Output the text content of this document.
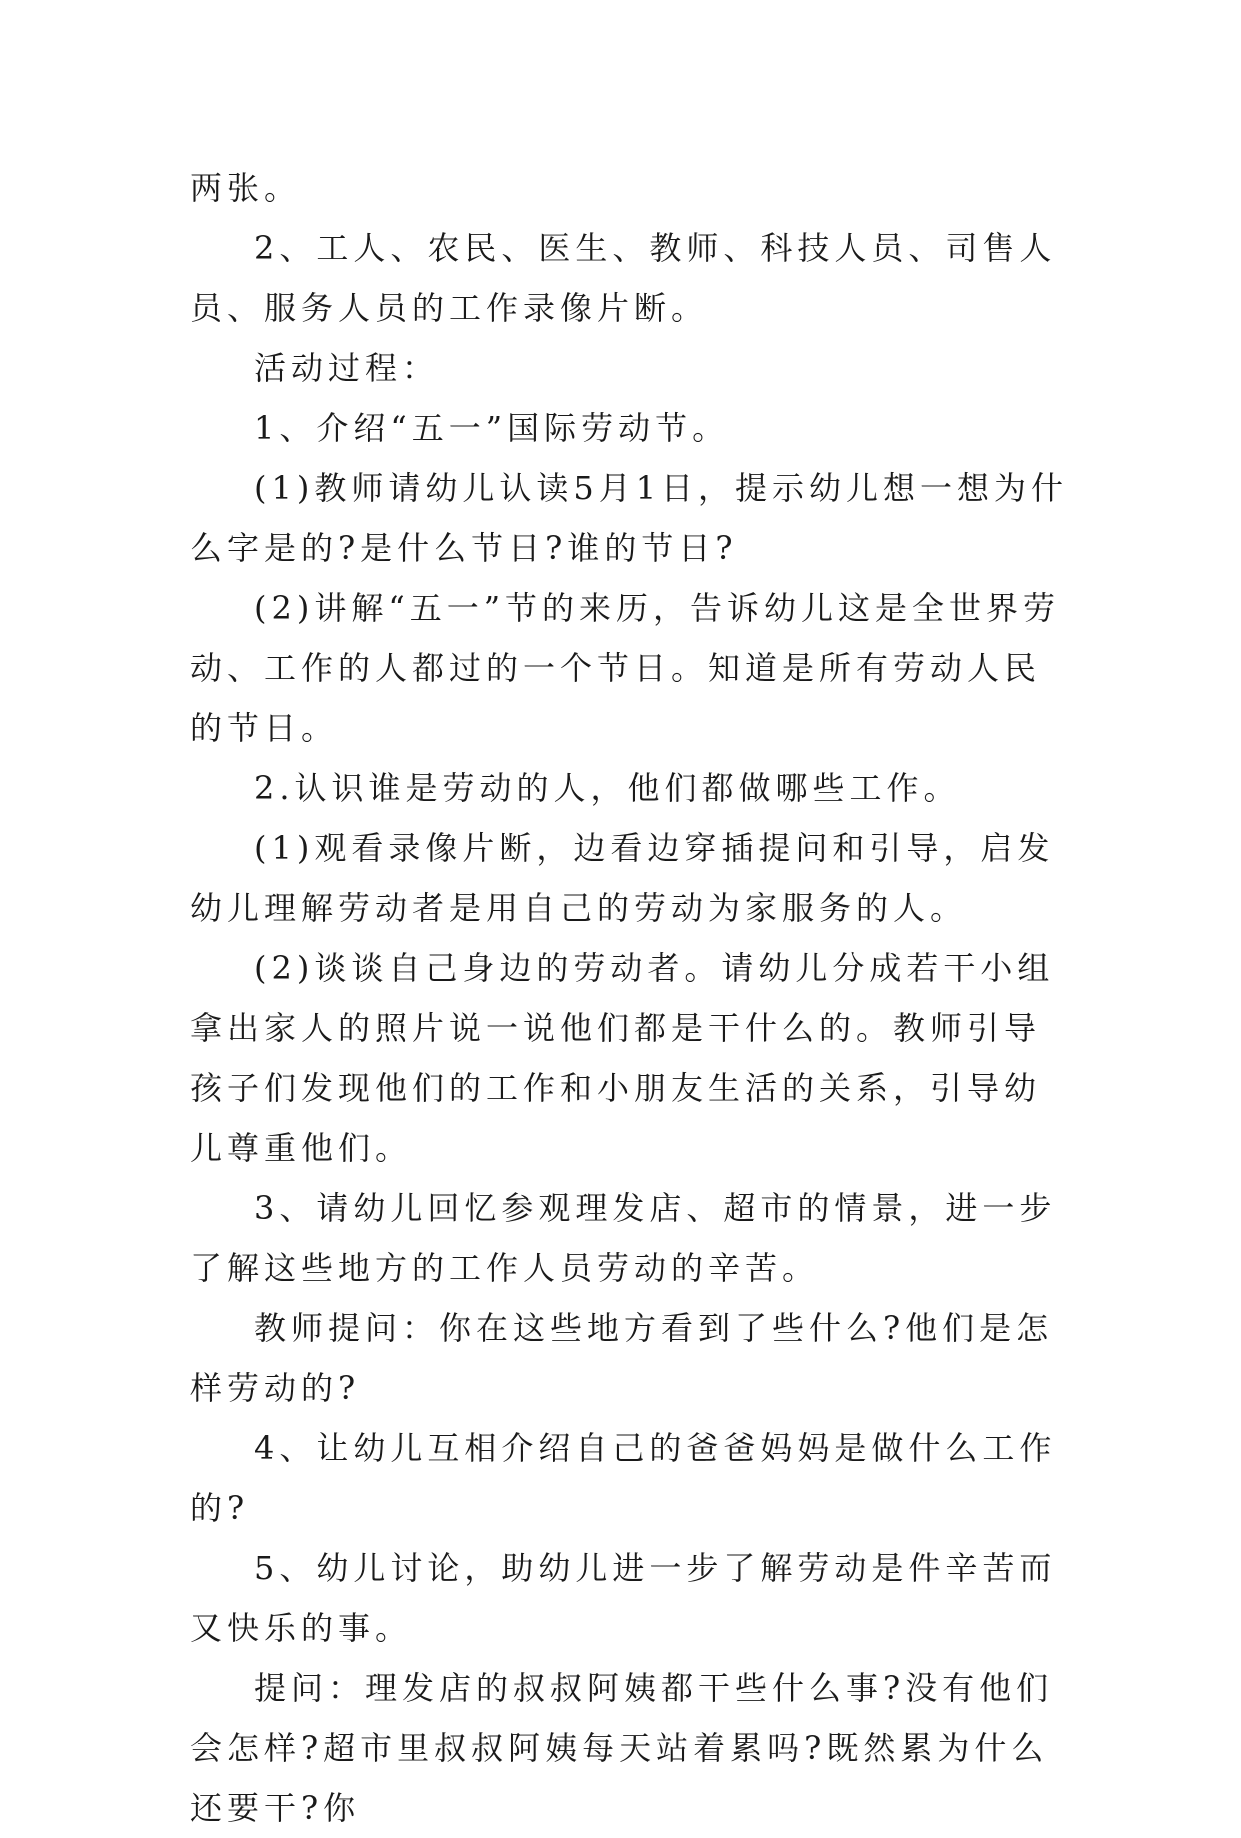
两张。

2、工人、农民、医生、教师、科技人员、司售人员、服务人员的工作录像片断。

活动过程：

1、介绍“五一”国际劳动节。

(1)教师请幼儿认读5月1日，提示幼儿想一想为什么字是的?是什么节日?谁的节日?

(2)讲解“五一”节的来历，告诉幼儿这是全世界劳动、工作的人都过的一个节日。知道是所有劳动人民的节日。

2.认识谁是劳动的人，他们都做哪些工作。

(1)观看录像片断，边看边穿插提问和引导，启发幼儿理解劳动者是用自己的劳动为家服务的人。

(2)谈谈自己身边的劳动者。请幼儿分成若干小组拿出家人的照片说一说他们都是干什么的。教师引导孩子们发现他们的工作和小朋友生活的关系，引导幼儿尊重他们。

3、请幼儿回忆参观理发店、超市的情景，进一步了解这些地方的工作人员劳动的辛苦。

教师提问：你在这些地方看到了些什么?他们是怎样劳动的?

4、让幼儿互相介绍自己的爸爸妈妈是做什么工作的?

5、幼儿讨论，助幼儿进一步了解劳动是件辛苦而又快乐的事。

提问：理发店的叔叔阿姨都干些什么事?没有他们会怎样?超市里叔叔阿姨每天站着累吗?既然累为什么还要干?你
